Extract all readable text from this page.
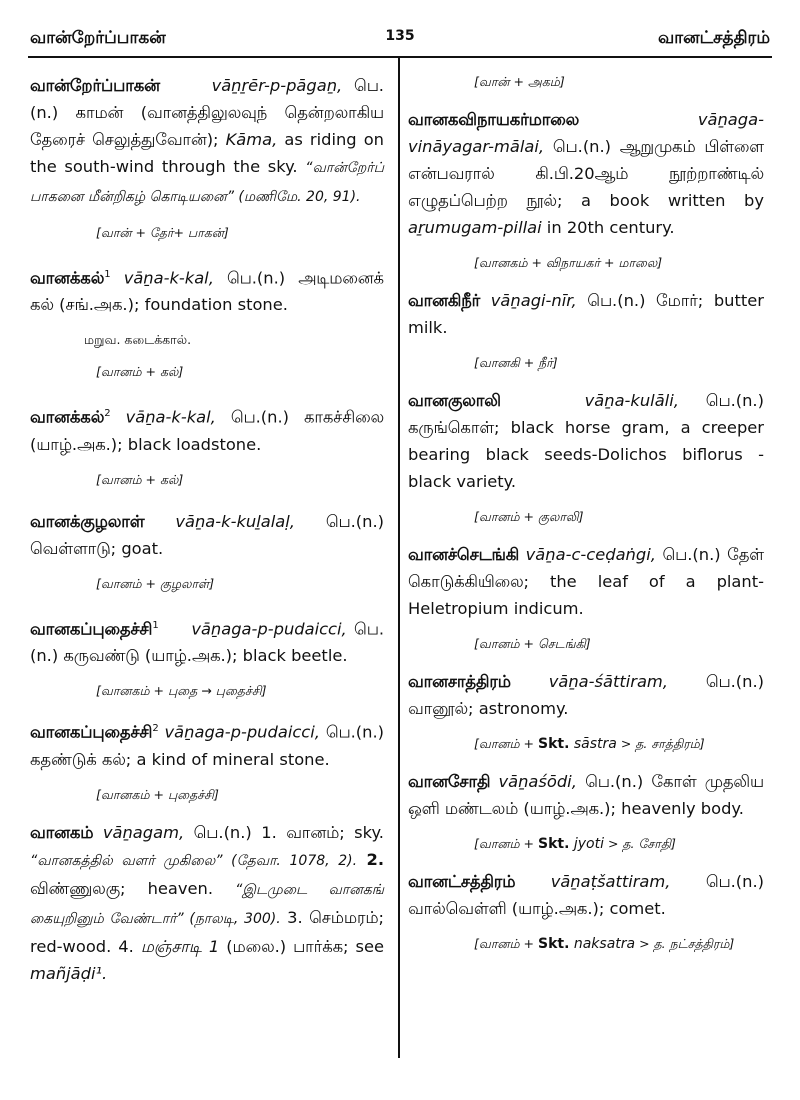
வான்றேர்ப்பாகன்	135	வானட்சத்திரம்

வான்றேர்ப்பாகன்	vāṉṟēr-p-pāgaṉ, பெ.(n.) காமன் (வானத்திலுலவுந் தென்றலாகிய தேரைச் செலுத்துவோன்); Kāma, as riding on the south-wind through the sky. “வான்றேர்ப் பாகனை மீன்றிகழ் கொடியனை” (மணிமே. 20, 91).

[வான் + தேர்+ பாகன்]

வானக்கல்$^1$ vāṉa-k-kal, பெ.(n.) அடிமனைக் கல் (சங்.அக.); foundation stone.

மறுவ. கடைக்கால்.

[வானம் + கல்]

வானக்கல்$^2$ vāṉa-k-kal, பெ.(n.) காகச்சிலை (யாழ்.அக.); black loadstone.

[வானம் + கல்]

வானக்குழலாள் vāṉa-k-kuḻalaḷ, பெ.(n.) வெள்ளாடு; goat.

[வானம் + குழலாள்]

வானகப்புதைச்சி$^1$ vāṉaga-p-pudaicci, பெ.(n.) கருவண்டு (யாழ்.அக.); black beetle.

[வானகம் + புதை → புதைச்சி]

வானகப்புதைச்சி$^2$ vāṉaga-p-pudaicci, பெ.(n.) கதண்டுக் கல்; a kind of mineral stone.

[வானகம் + புதைச்சி]

வானகம் vāṉagam, பெ.(n.) 1. வானம்; sky. “வானகத்தில் வளர் முகிலை” (தேவா. 1078, 2). 2. விண்ணுலகு; heaven. “இடமுடை வானகங் கையுறினும் வேண்டார்” (நாலடி, 300). 3. செம்மரம்; red-wood. 4. மஞ்சாடி 1 (மலை.) பார்க்க; see mañjāḍi¹.

[வான் + அகம்]

வானகவிநாயகர்மாலை	vāṉaga-vināyagar-mālai, பெ.(n.) ஆறுமுகம் பிள்ளை என்பவரால் கி.பி.20ஆம் நூற்றாண்டில் எழுதப்பெற்ற நூல்; a book written by aṟumugam-pillai in 20th century.

[வானகம் + விநாயகர் + மாலை]

வானகிநீர் vāṉagi-nīr, பெ.(n.) மோர்; butter milk.

[வானகி + நீர்]

வானகுலாலி	vāṉa-kulāli, பெ.(n.) கருங்கொள்; black horse gram, a creeper bearing black seeds-Dolichos biflorus - black variety.

[வானம் + குலாலி]

வானச்செடங்கி vāṉa-c-ceḍaṅgi, பெ.(n.) தேள் கொடுக்கியிலை; the leaf of a plant-Heletropium indicum.

[வானம் + செடங்கி]

வானசாத்திரம் vāṉa-śāttiram, பெ.(n.) வானூல்; astronomy.

[வானம் + Skt. sāstra > த. சாத்திரம்]

வானசோதி vāṉaśōdi, பெ.(n.) கோள் முதலிய ஒளி மண்டலம் (யாழ்.அக.); heavenly body.

[வானம் + Skt. jyoti > த. சோதி]

வானட்சத்திரம் vāṉaṭšattiram, பெ.(n.) வால்வெள்ளி (யாழ்.அக.); comet.

[வானம் + Skt. naksatra > த. நட்சத்திரம்]
